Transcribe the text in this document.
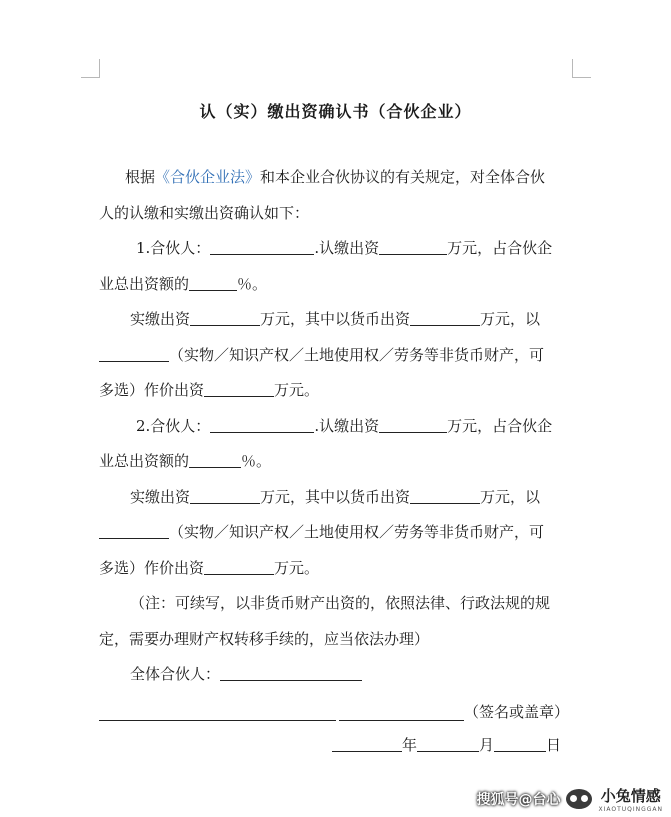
认（实）缴出资确认书（合伙企业）
根据《合伙企业法》和本企业合伙协议的有关规定，对全体合伙
人的认缴和实缴出资确认如下：
1.合伙人：	.认缴出资	万元，占合伙企
业总出资额的	％。
实缴出资	万元，其中以货币出资	万元，以
（实物／知识产权／土地使用权／劳务等非货币财产，可
多选）作价出资	万元。
2.合伙人：	.认缴出资	万元，占合伙企
业总出资额的	％。
实缴出资	万元，其中以货币出资	万元，以
（实物／知识产权／土地使用权／劳务等非货币财产，可
多选）作价出资	万元。
（注：可续写，以非货币财产出资的，依照法律、行政法规的规
定，需要办理财产权转移手续的，应当依法办理）
全体合伙人：
（签名或盖章）
年	月	日
搜狐号@台心	小兔情感
XIAOTUQINGGAN
